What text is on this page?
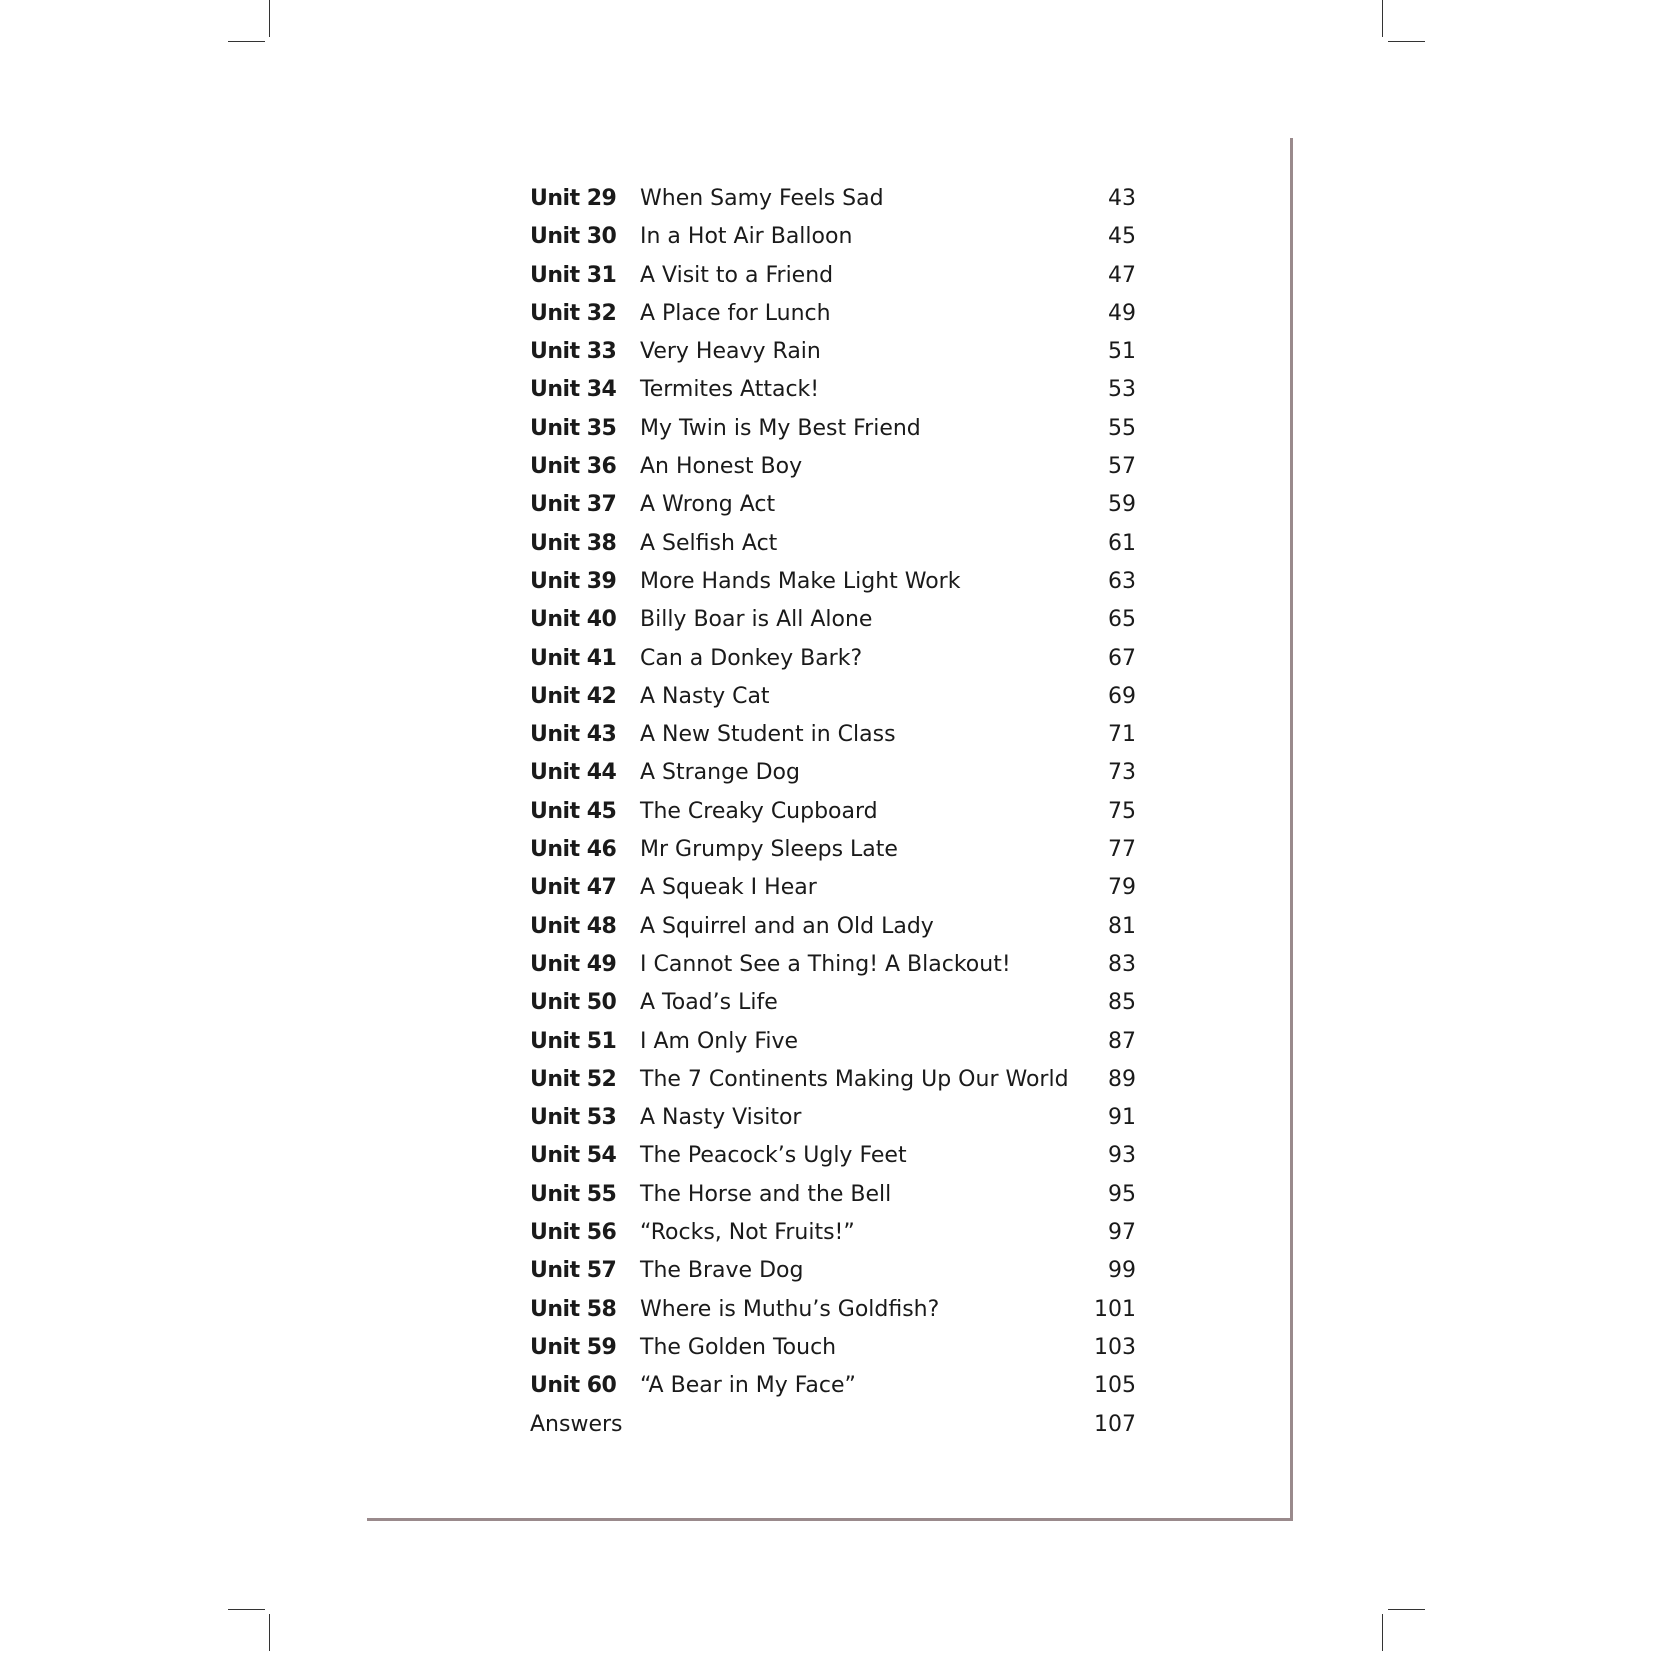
Unit 29 When Samy Feels Sad	43
Unit 30 In a Hot Air Balloon	45
Unit 31 A Visit to a Friend	47
Unit 32 A Place for Lunch	49
Unit 33 Very Heavy Rain	51
Unit 34 Termites Attack!	53
Unit 35 My Twin is My Best Friend	55
Unit 36 An Honest Boy	57
Unit 37 A Wrong Act	59
Unit 38 A Selfish Act	61
Unit 39 More Hands Make Light Work	63
Unit 40 Billy Boar is All Alone	65
Unit 41 Can a Donkey Bark?	67
Unit 42 A Nasty Cat	69
Unit 43 A New Student in Class	71
Unit 44 A Strange Dog	73
Unit 45 The Creaky Cupboard	75
Unit 46 Mr Grumpy Sleeps Late	77
Unit 47 A Squeak I Hear	79
Unit 48 A Squirrel and an Old Lady	81
Unit 49 I Cannot See a Thing! A Blackout!	83
Unit 50 A Toad’s Life	85
Unit 51 I Am Only Five	87
Unit 52 The 7 Continents Making Up Our World 89
Unit 53 A Nasty Visitor	91
Unit 54 The Peacock’s Ugly Feet	93
Unit 55 The Horse and the Bell	95
Unit 56 “Rocks, Not Fruits!”	97
Unit 57 The Brave Dog	99
Unit 58 Where is Muthu’s Goldfish?	101
Unit 59 The Golden Touch	103
Unit 60 “A Bear in My Face”	105
Answers	107
